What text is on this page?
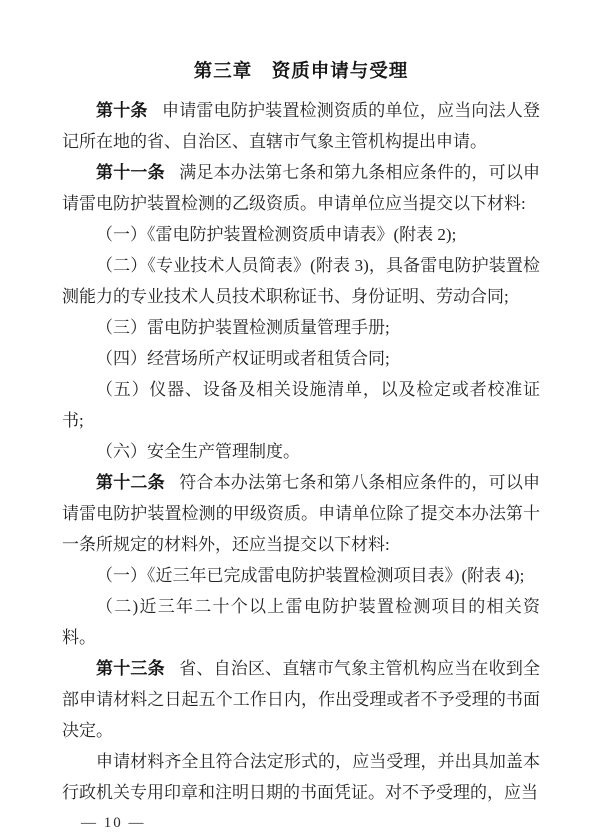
第三章　资质申请与受理

第十条 申请雷电防护装置检测资质的单位，应当向法人登记所在地的省、自治区、直辖市气象主管机构提出申请。

第十一条 满足本办法第七条和第九条相应条件的，可以申请雷电防护装置检测的乙级资质。申请单位应当提交以下材料:

（一）《雷电防护装置检测资质申请表》(附表 2);

（二）《专业技术人员简表》(附表 3)，具备雷电防护装置检测能力的专业技术人员技术职称证书、身份证明、劳动合同;

（三）雷电防护装置检测质量管理手册;

（四）经营场所产权证明或者租赁合同;

（五）仪器、设备及相关设施清单，以及检定或者校准证书;

（六）安全生产管理制度。

第十二条 符合本办法第七条和第八条相应条件的，可以申请雷电防护装置检测的甲级资质。申请单位除了提交本办法第十一条所规定的材料外，还应当提交以下材料:

（一）《近三年已完成雷电防护装置检测项目表》(附表 4);

（二)近三年二十个以上雷电防护装置检测项目的相关资料。

第十三条 省、自治区、直辖市气象主管机构应当在收到全部申请材料之日起五个工作日内，作出受理或者不予受理的书面决定。

申请材料齐全且符合法定形式的，应当受理，并出具加盖本行政机关专用印章和注明日期的书面凭证。对不予受理的，应当

— 10 —
